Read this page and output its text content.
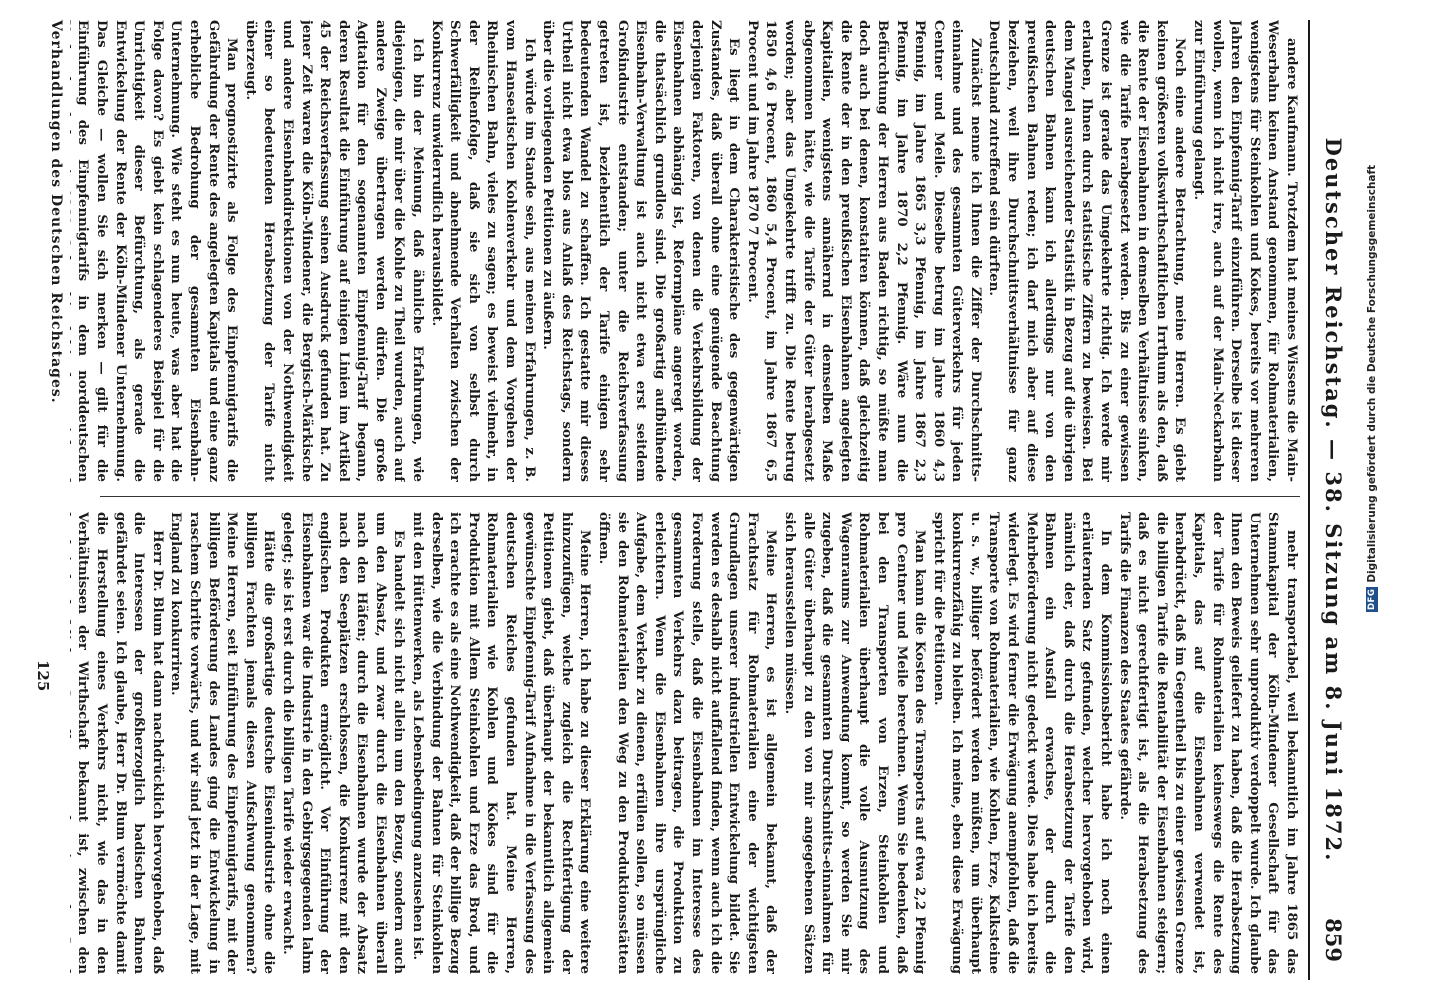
Deutscher Reichstag. — 38. Sitzung am 8. Juni 1872.
859

andere Kaufmann. Trotzdem hat meines Wissens die Main-Weserbahn keinen Anstand genommen, für Rohmaterialien, wenigstens für Steinkohlen und Kokes, bereits vor mehreren Jahren den Einpfennig-Tarif einzuführen. Derselbe ist dieser wollen, wenn ich nicht irre, auch auf der Main-Neckarbahn zur Einführung gelangt.

Noch eine andere Betrachtung, meine Herren. Es giebt keinen größeren volkswirthschaftlichen Irrthum als den, daß die Rente der Eisenbahnen in demselben Verhältnisse sinken, wie die Tarife herabgesetzt werden. Bis zu einer gewissen Grenze ist gerade das Umgekehrte richtig. Ich werde mir erlauben, Ihnen durch statistische Ziffern zu beweisen. Bei dem Mangel ausreichender Statistik in Bezug auf die übrigen deutschen Bahnen kann ich allerdings nur von den preußischen Bahnen reden; ich darf mich aber auf diese beziehen, weil ihre Durchschnittsverhältnisse für ganz Deutschland zutreffend sein dürften.

Zunächst nenne ich Ihnen die Ziffer der Durchschnitts-einnahme und des gesammten Güterverkehrs für jeden Centner und Meile. Dieselbe betrug im Jahre 1860 4,3 Pfennig, im Jahre 1865 3,3 Pfennig, im Jahre 1867 2,3 Pfennig, im Jahre 1870 2,2 Pfennig. Wäre nun die Befürchtung der Herren aus Baden richtig, so müßte man doch auch bei denen, konstatiren können, daß gleichzeitig die Rente der in den preußischen Eisenbahnen angelegten Kapitalien, wenigstens annähernd in demselben Maße abgenommen hätte, wie die Tarife der Güter herabgesetzt worden; aber das Umgekehrte trifft zu. Die Rente betrug 1850 4,6 Procent, 1860 5,4 Procent, im Jahre 1867 6,5 Procent und im Jahre 1870 7 Procent.

Es liegt in dem Charakteristische des gegenwärtigen Zustandes, daß überall ohne eine genügende Beachtung derjenigen Faktoren, von denen die Verkehrsbildung der Eisenbahnen abhängig ist, Reformpläne angeregt worden, die thatsächlich grundlos sind. Die großartig aufblühende Eisenbahn-Verwaltung ist auch nicht etwa erst seitdem Großindustrie entstanden; unter die Reichsverfassung getreten ist, beziehentlich der Tarife einigen sehr bedeutenden Wandel zu schaffen. Ich gestatte mir dieses Urtheil nicht etwa blos aus Anlaß des Reichstags, sondern über die vorliegenden Petitionen zu äußern.

Ich würde im Stande sein, aus meinen Erfahrungen, z. B. vom Hanseatischen Kohlenverkehr und dem Vorgehen der Rheinischen Bahn, vieles zu sagen; es beweist vielmehr, in der Reihenfolge, daß sie sich von selbst durch Schwerfälligkeit und abnehmende Verhalten zwischen der Konkurrenz unwiderruflich herausbildet.

Ich bin der Meinung, daß ähnliche Erfahrungen, wie diejenigen, die mir über die Kohle zu Theil wurden, auch auf andere Zweige übertragen werden dürfen. Die große Agitation für den sogenannten Einpfennig-Tarif begann, deren Resultat die Einführung auf einigen Linien im Artikel 45 der Reichsverfassung seinen Ausdruck gefunden hat. Zu jener Zeit waren die Köln-Mindener, die Bergisch-Märkische und andere Eisenbahndirektionen von der Nothwendigkeit einer so bedeutenden Herabsetzung der Tarife nicht überzeugt.

Man prognostizirte als Folge des Einpfennigtarifs die Gefährdung der Rente des angelegten Kapitals und eine ganz erhebliche Bedrohung der gesammten Eisenbahn-Unternehmung. Wie steht es nun heute, was aber hat die Folge davon? Es giebt kein schlagenderes Beispiel für die Unrichtigkeit dieser Befürchtung, als gerade die Entwickelung der Rente der Köln-Mindener Unternehmung. Das Gleiche — wollen Sie sich merken — gilt für die Einführung des Einpfennigtarifs in dem norddeutschen

mehr transportabel, weil bekanntlich im Jahre 1865 das Stammkapital der Köln-Mindener Gesellschaft für das Unternehmen sehr unproduktiv verdoppelt wurde. Ich glaube Ihnen den Beweis geliefert zu haben, daß die Herabsetzung der Tarife für Rohmaterialien keineswegs die Rente des Kapitals, das auf die Eisenbahnen verwendet ist, herabdrückt, daß im Gegentheil bis zu einer gewissen Grenze die billigen Tarife die Rentabilität der Eisenbahnen steigern; daß es nicht gerechtfertigt ist, als die Herabsetzung des Tarifs die Finanzen des Staates gefährde.

In dem Kommissionsbericht habe ich noch einen erläuternden Satz gefunden, welcher hervorgehoben wird, nämlich der, daß durch die Herabsetzung der Tarife den Bahnen ein Ausfall erwachse, der durch die Mehrbeförderung nicht gedeckt werde. Dies habe ich bereits widerlegt. Es wird ferner die Erwägung anempfohlen, daß die Transporte von Rohmaterialien, wie Kohlen, Erze, Kalksteine u. s. w., billiger befördert werden müßten, um überhaupt konkurrenzfähig zu bleiben. Ich meine, eben diese Erwägung spricht für die Petitionen.

Man kann die Kosten des Transports auf etwa 2,2 Pfennig pro Centner und Meile berechnen. Wenn Sie bedenken, daß bei den Transporten von Erzen, Steinkohlen und Rohmaterialien überhaupt die volle Ausnutzung des Wagenraums zur Anwendung kommt, so werden Sie mir zugeben, daß die gesammten Durchschnitts-einnahmen für alle Güter überhaupt zu den von mir angegebenen Sätzen sich herausstellen müssen.

Meine Herren, es ist allgemein bekannt, daß der Frachtsatz für Rohmaterialien eine der wichtigsten Grundlagen unserer industriellen Entwickelung bildet. Sie werden es deshalb nicht auffallend finden, wenn auch ich die Forderung stelle, daß die Eisenbahnen im Interesse des gesammten Verkehrs dazu beitragen, die Produktion zu erleichtern. Wenn die Eisenbahnen ihre ursprüngliche Aufgabe, dem Verkehr zu dienen, erfüllen sollen, so müssen sie den Rohmaterialien den Weg zu den Produktionsstätten öffnen.

Meine Herren, ich habe zu dieser Erklärung eine weitere hinzuzufügen, welche zugleich die Rechtfertigung der Petitionen giebt, daß überhaupt der bekanntlich allgemein gewünschte Einpfennig-Tarif Aufnahme in die Verfassung des deutschen Reiches gefunden hat. Meine Herren, Rohmaterialien wie Kohlen und Kokes sind für die Produktion mit Allem Steinkohlen und Erze das Brod, und ich erachte es als eine Nothwendigkeit, daß der billige Bezug derselben, wie die Verbindung der Bahnen für Steinkohlen mit den Hüttenwerken, als Lebensbedingung anzusehen ist.

Es handelt sich nicht allein um den Bezug, sondern auch um den Absatz, und zwar durch die Eisenbahnen überall nach den Häfen; durch die Eisenbahnen wurde der Absatz nach den Seeplätzen erschlossen, die Konkurrenz mit den englischen Produkten ermöglicht. Vor Einführung der Eisenbahnen war die Industrie in den Gebirgsgegenden lahm gelegt; sie ist erst durch die billigen Tarife wieder erwacht.

Hätte die großartige deutsche Eisenindustrie ohne die billigen Frachten jemals diesen Aufschwung genommen? Meine Herren, seit Einführung des Einpfennigtarifs, mit der billigen Beförderung des Landes ging die Entwickelung in raschem Schritte vorwärts, und wir sind jetzt in der Lage, mit England zu konkurriren.

Herr Dr. Blum hat dann nachdrücklich hervorgehoben, daß die Interessen der großherzoglich badischen Bahnen gefährdet seien. Ich glaube, Herr Dr. Blum vermöchte damit die Herstellung eines Verkehrs nicht, wie das in den Verhältnissen der Wirthschaft bekannt ist, zwischen den

Verhandlungen des Deutschen Reichstages.
125
DFG
Digitalisierung gefördert durch die Deutsche Forschungsgemeinschaft
